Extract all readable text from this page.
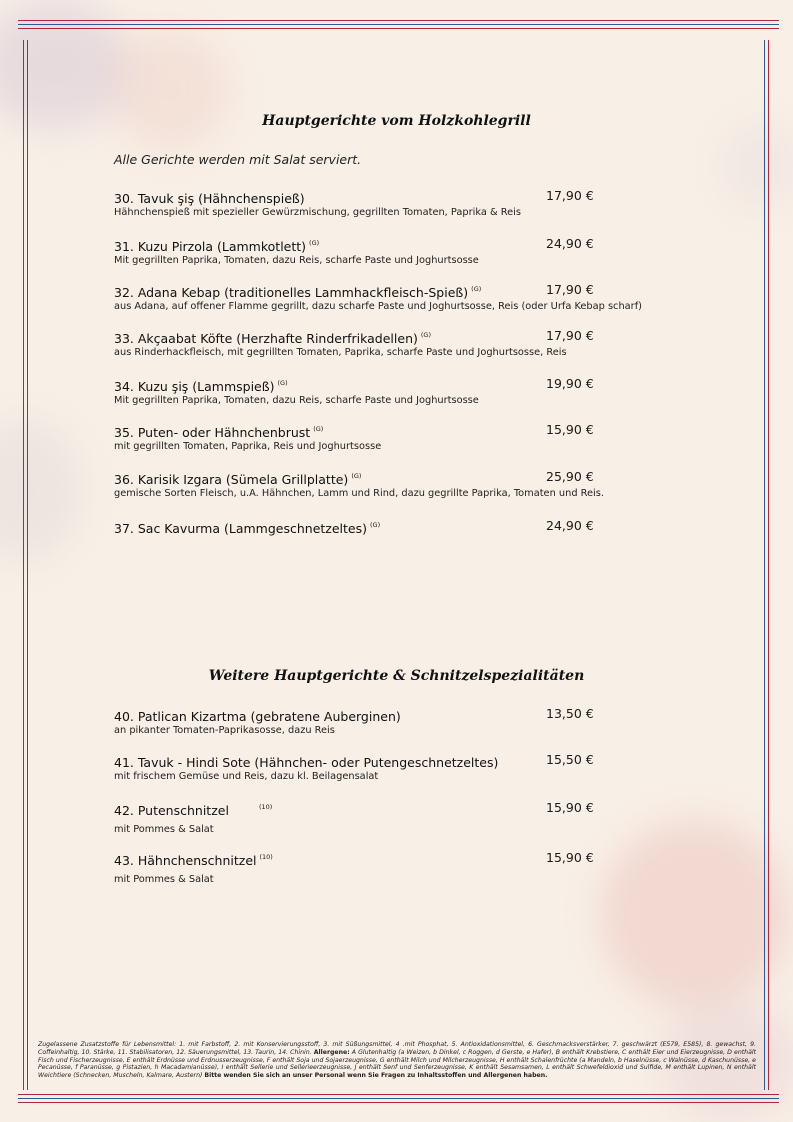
Hauptgerichte vom Holzkohlegrill
Alle Gerichte werden mit Salat serviert.
30. Tavuk şiş (Hähnchenspieß)	17,90 €
Hähnchenspieß mit spezieller Gewürzmischung, gegrillten Tomaten, Paprika & Reis
31. Kuzu Pirzola (Lammkotlett) $^{(G)}$	24,90 €
Mit gegrillten Paprika, Tomaten, dazu Reis, scharfe Paste und Joghurtsosse
32. Adana Kebap (traditionelles Lammhackfleisch-Spieß) $^{(G)}$	17,90 €
aus Adana, auf offener Flamme gegrillt, dazu scharfe Paste und Joghurtsosse, Reis (oder Urfa Kebap scharf)
33. Akçaabat Köfte (Herzhafte Rinderfrikadellen) $^{(G)}$	17,90 €
aus Rinderhackfleisch, mit gegrillten Tomaten, Paprika, scharfe Paste und Joghurtsosse, Reis
34. Kuzu şiş (Lammspieß) $^{(G)}$	19,90 €
Mit gegrillten Paprika, Tomaten, dazu Reis, scharfe Paste und Joghurtsosse
35. Puten- oder Hähnchenbrust $^{(G)}$	15,90 €
mit gegrillten Tomaten, Paprika, Reis und Joghurtsosse
36. Karisik Izgara (Sümela Grillplatte) $^{(G)}$	25,90 €
gemische Sorten Fleisch, u.A. Hähnchen, Lamm und Rind, dazu gegrillte Paprika, Tomaten und Reis.
37. Sac Kavurma (Lammgeschnetzeltes) $^{(G)}$	24,90 €
Weitere Hauptgerichte & Schnitzelspezialitäten
40. Patlican Kizartma (gebratene Auberginen)	13,50 €
an pikanter Tomaten-Paprikasosse, dazu Reis
41. Tavuk - Hindi Sote (Hähnchen- oder Putengeschnetzeltes)	15,50 €
mit frischem Gemüse und Reis, dazu kl. Beilagensalat
42. Putenschnitzel	$^{(10)}$	15,90 €
mit Pommes & Salat
43. Hähnchenschnitzel $^{(10)}$	15,90 €
mit Pommes & Salat
Zugelassene Zusatzstoffe für Lebensmittel: 1. mit Farbstoff, 2. mit Konservierungsstoff, 3. mit Süßungsmittel, 4 .mit Phosphat, 5. Antioxidationsmittel, 6. Geschmacksverstärker, 7. geschwärzt (E579, E585), 8. gewachst, 9. Coffeinhaltig, 10. Stärke, 11. Stabilisatoren, 12. Säuerungsmittel, 13. Taurin, 14. Chinin. Allergene: A Glutenhaltig (a Weizen, b Dinkel, c Roggen, d Gerste, e Hafer), B enthält Krebstiere, C enthält Eier und Eierzeugnisse, D enthält Fisch und Fischerzeugnisse, E enthält Erdnüsse und Erdnusserzeugnisse, F enthält Soja und Sojaerzeugnisse, G enthält Milch und Milcherzeugnisse, H enthält Schalenfrüchte (a Mandeln, b Haselnüsse, c Walnüsse, d Kaschunüsse, e Pecanüsse, f Paranüsse, g Pistazien, h Macadamianüsse), I enthält Sellerie und Sellerieerzeugnisse, J enthält Senf und Senferzeugnisse, K enthält Sesamsamen, L enthält Schwefeldioxid und Sulfide, M enthält Lupinen, N enthält Weichtiere (Schnecken, Muscheln, Kalmare, Austern) Bitte wenden Sie sich an unser Personal wenn Sie Fragen zu Inhaltsstoffen und Allergenen haben.
